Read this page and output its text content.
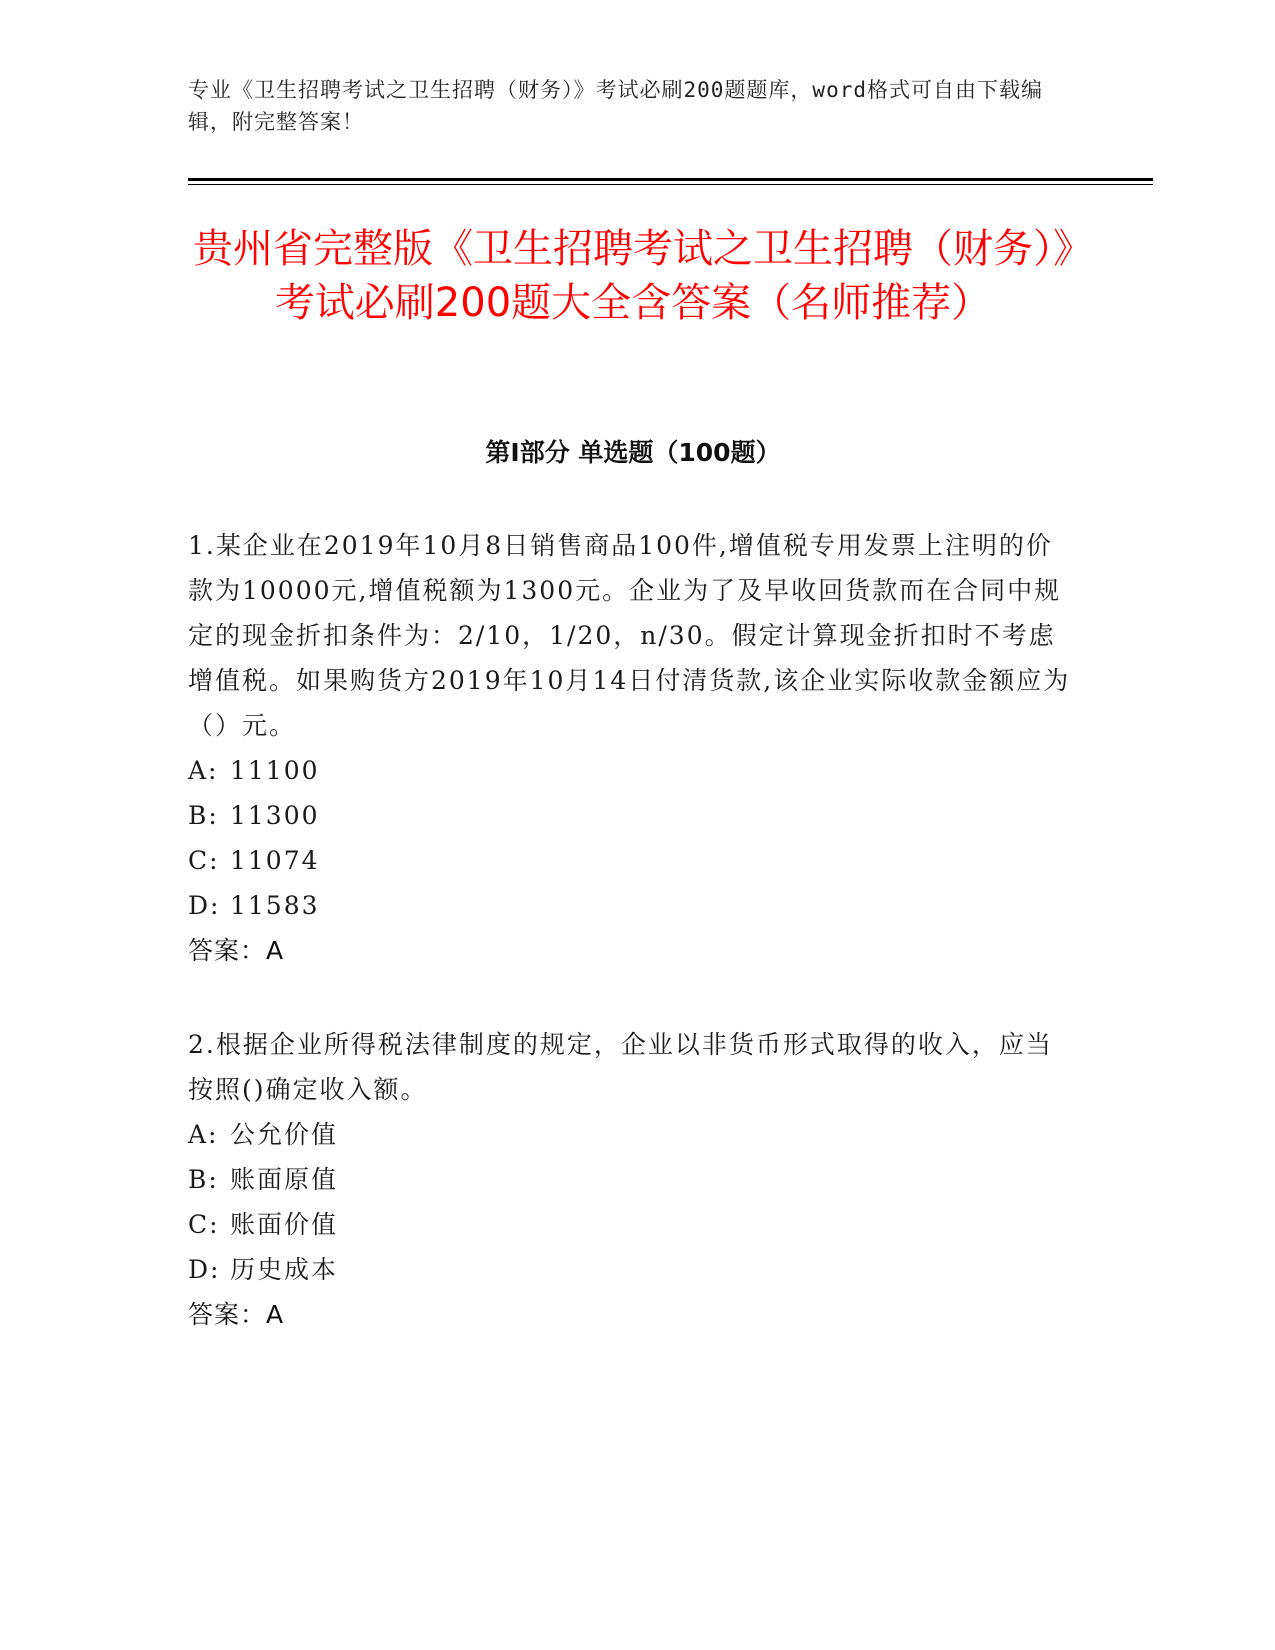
专业《卫生招聘考试之卫生招聘（财务）》考试必刷200题题库，word格式可自由下载编辑，附完整答案！
贵州省完整版《卫生招聘考试之卫生招聘（财务）》考试必刷200题大全含答案（名师推荐）
第I部分 单选题（100题）

1.某企业在2019年10月8日销售商品100件,增值税专用发票上注明的价款为10000元,增值税额为1300元。企业为了及早收回货款而在合同中规定的现金折扣条件为：2/10，1/20，n/30。假定计算现金折扣时不考虑增值税。如果购货方2019年10月14日付清货款,该企业实际收款金额应为（）元。

A: 11100
B: 11300
C: 11074
D: 11583
答案：A

2.根据企业所得税法律制度的规定，企业以非货币形式取得的收入，应当按照()确定收入额。

A: 公允价值
B: 账面原值
C: 账面价值
D: 历史成本
答案：A
